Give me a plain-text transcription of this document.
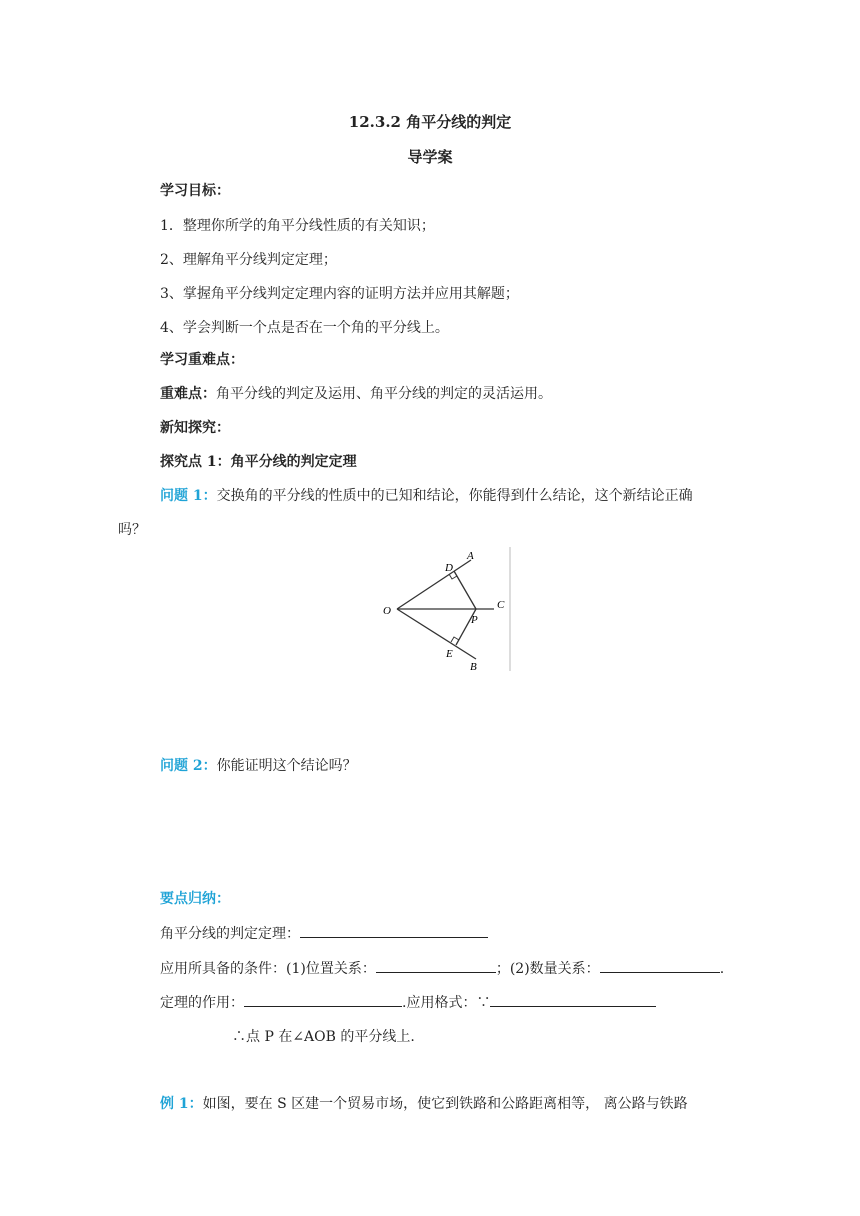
12.3.2 角平分线的判定
导学案
学习目标：
1．整理你所学的角平分线性质的有关知识；
2、理解角平分线判定定理；
3、掌握角平分线判定定理内容的证明方法并应用其解题；
4、学会判断一个点是否在一个角的平分线上。
学习重难点：
重难点：角平分线的判定及运用、角平分线的判定的灵活运用。
新知探究：
探究点 1：角平分线的判定定理
问题 1：交换角的平分线的性质中的已知和结论，你能得到什么结论，这个新结论正确
吗？
A
D
O	C
P
E
B
问题 2：你能证明这个结论吗？
要点归纳：
角平分线的判定定理：
应用所具备的条件：(1)位置关系：	；(2)数量关系：	.
定理的作用：	.应用格式：∵
∴点 P 在∠AOB 的平分线上.
例 1：如图，要在 S 区建一个贸易市场，使它到铁路和公路距离相等， 离公路与铁路
